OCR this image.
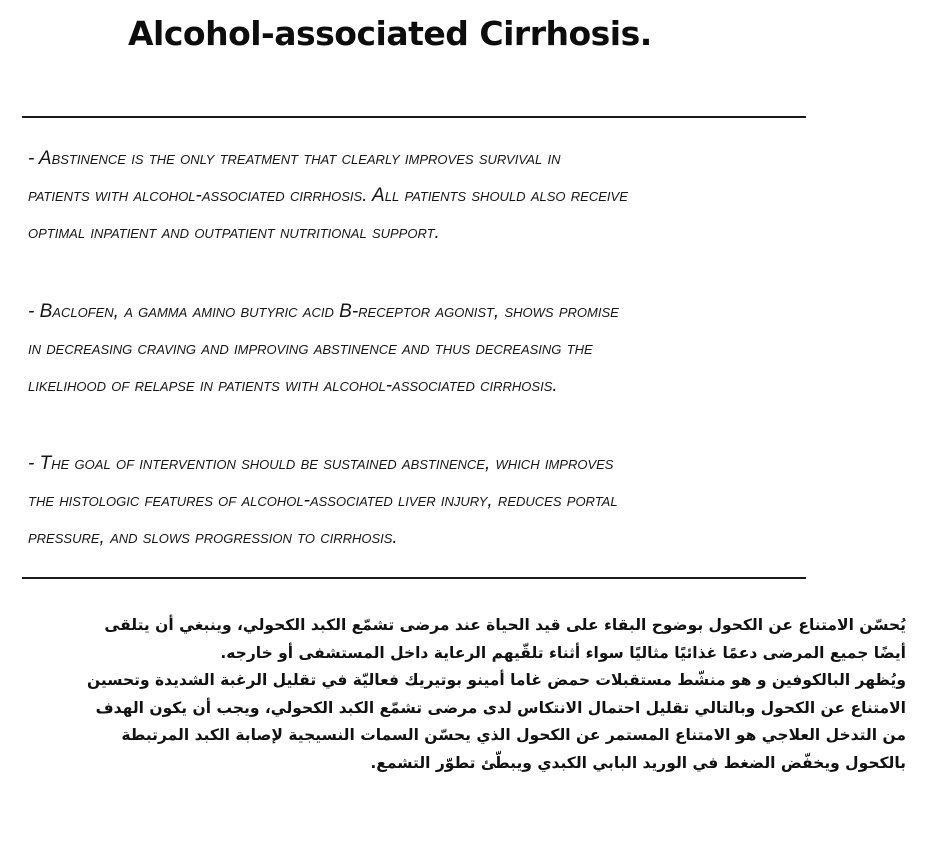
Alcohol-associated Cirrhosis.
- Abstinence is the only treatment that clearly improves survival in
patients with alcohol-associated cirrhosis. All patients should also receive
optimal inpatient and outpatient nutritional support.
- Baclofen, a gamma amino butyric acid B-receptor agonist, shows promise
in decreasing craving and improving abstinence and thus decreasing the
likelihood of relapse in patients with alcohol-associated cirrhosis.
- The goal of intervention should be sustained abstinence, which improves
the histologic features of alcohol-associated liver injury, reduces portal
pressure, and slows progression to cirrhosis.
يُحسّن الامتناع عن الكحول بوضوح البقاء على قيد الحياة عند مرضى تشمّع الكبد الكحولي، وينبغي أن يتلقى
أيضًا جميع المرضى دعمًا غذائيًا مثاليًا سواء أثناء تلقّيهم الرعاية داخل المستشفى أو خارجه.
ويُظهر البالكوفين و هو منشّط مستقبلات حمض غاما أمينو بوتيريك فعاليّة في تقليل الرغبة الشديدة وتحسين
الامتناع عن الكحول وبالتالي تقليل احتمال الانتكاس لدى مرضى تشمّع الكبد الكحولي، ويجب أن يكون الهدف
من التدخل العلاجي هو الامتناع المستمر عن الكحول الذي يحسّن السمات النسيجية لإصابة الكبد المرتبطة
بالكحول ويخفّض الضغط في الوريد البابي الكبدي ويبطّئ تطوّر التشمع.
